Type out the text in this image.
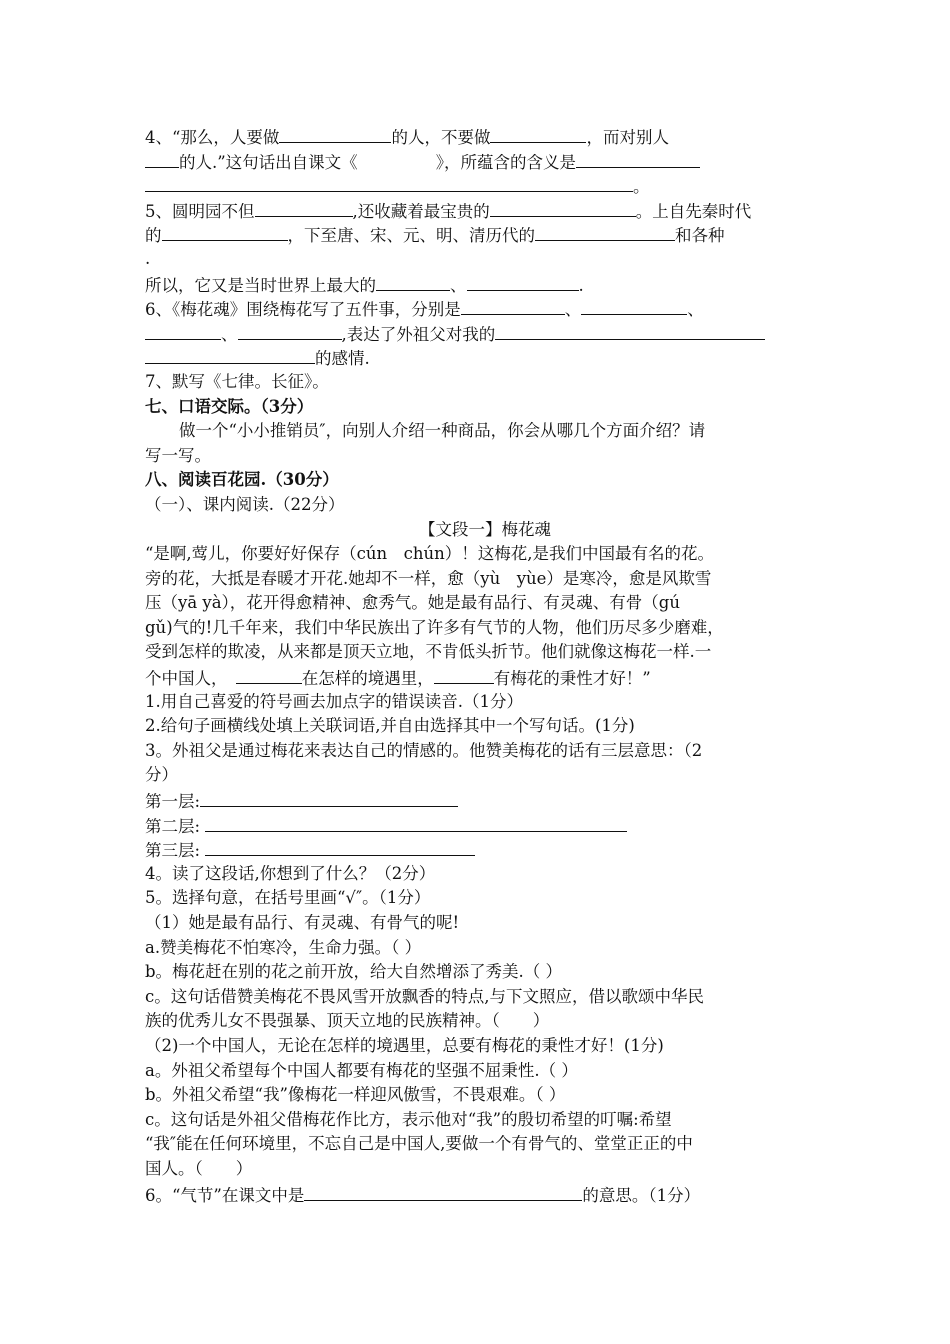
4、“那么，人要做	的人，不要做	，而对别人
的人.”这句话出自课文《	》，所蕴含的含义是
。
5、圆明园不但	,还收藏着最宝贵的	。上自先秦时代
的	，下至唐、宋、元、明、清历代的	和各种
.
所以，它又是当时世界上最大的	、	.
6、《梅花魂》围绕梅花写了五件事，分别是	、	、
、	,表达了外祖父对我的
的感情.
7、默写《七律。长征》。
七、口语交际。（3分）
做一个“小小推销员″，向别人介绍一种商品，你会从哪几个方面介绍？请
写一写。
八、阅读百花园.（30分）
（一）、课内阅读.（22分）
【文段一】梅花魂
“是啊,莺儿，你要好好保存（cún　chún）！这梅花,是我们中国最有名的花。
旁的花，大抵是春暖才开花.她却不一样，愈（yù　yùe）是寒冷，愈是风欺雪
压（yā yà），花开得愈精神、愈秀气。她是最有品行、有灵魂、有骨（gú
gǔ)气的!几千年来，我们中华民族出了许多有气节的人物，他们历尽多少磨难，
受到怎样的欺凌，从来都是顶天立地，不肯低头折节。他们就像这梅花一样.一
个中国人，　	在怎样的境遇里，	有梅花的秉性才好！”
1.用自己喜爱的符号画去加点字的错误读音.（1分）
2.给句子画横线处填上关联词语,并自由选择其中一个写句话。(1分)
3。外祖父是通过梅花来表达自己的情感的。他赞美梅花的话有三层意思：（2
分）
第一层:
第二层:
第三层:
4。读了这段话,你想到了什么？（2分）
5。选择句意，在括号里画“√″。（1分）
（1）她是最有品行、有灵魂、有骨气的呢!
a.赞美梅花不怕寒冷，生命力强。（ ）
b。梅花赶在别的花之前开放，给大自然增添了秀美.（ ）
c。这句话借赞美梅花不畏风雪开放飘香的特点,与下文照应，借以歌颂中华民
族的优秀儿女不畏强暴、顶天立地的民族精神。（　　）
（2)一个中国人，无论在怎样的境遇里，总要有梅花的秉性才好！(1分)
a。外祖父希望每个中国人都要有梅花的坚强不屈秉性.（ ）
b。外祖父希望“我”像梅花一样迎风傲雪，不畏艰难。（ ）
c。这句话是外祖父借梅花作比方，表示他对“我”的殷切希望的叮嘱:希望
“我″能在任何环境里，不忘自己是中国人,要做一个有骨气的、堂堂正正的中
国人。（　　）
6。“气节”在课文中是	的意思。（1分）
